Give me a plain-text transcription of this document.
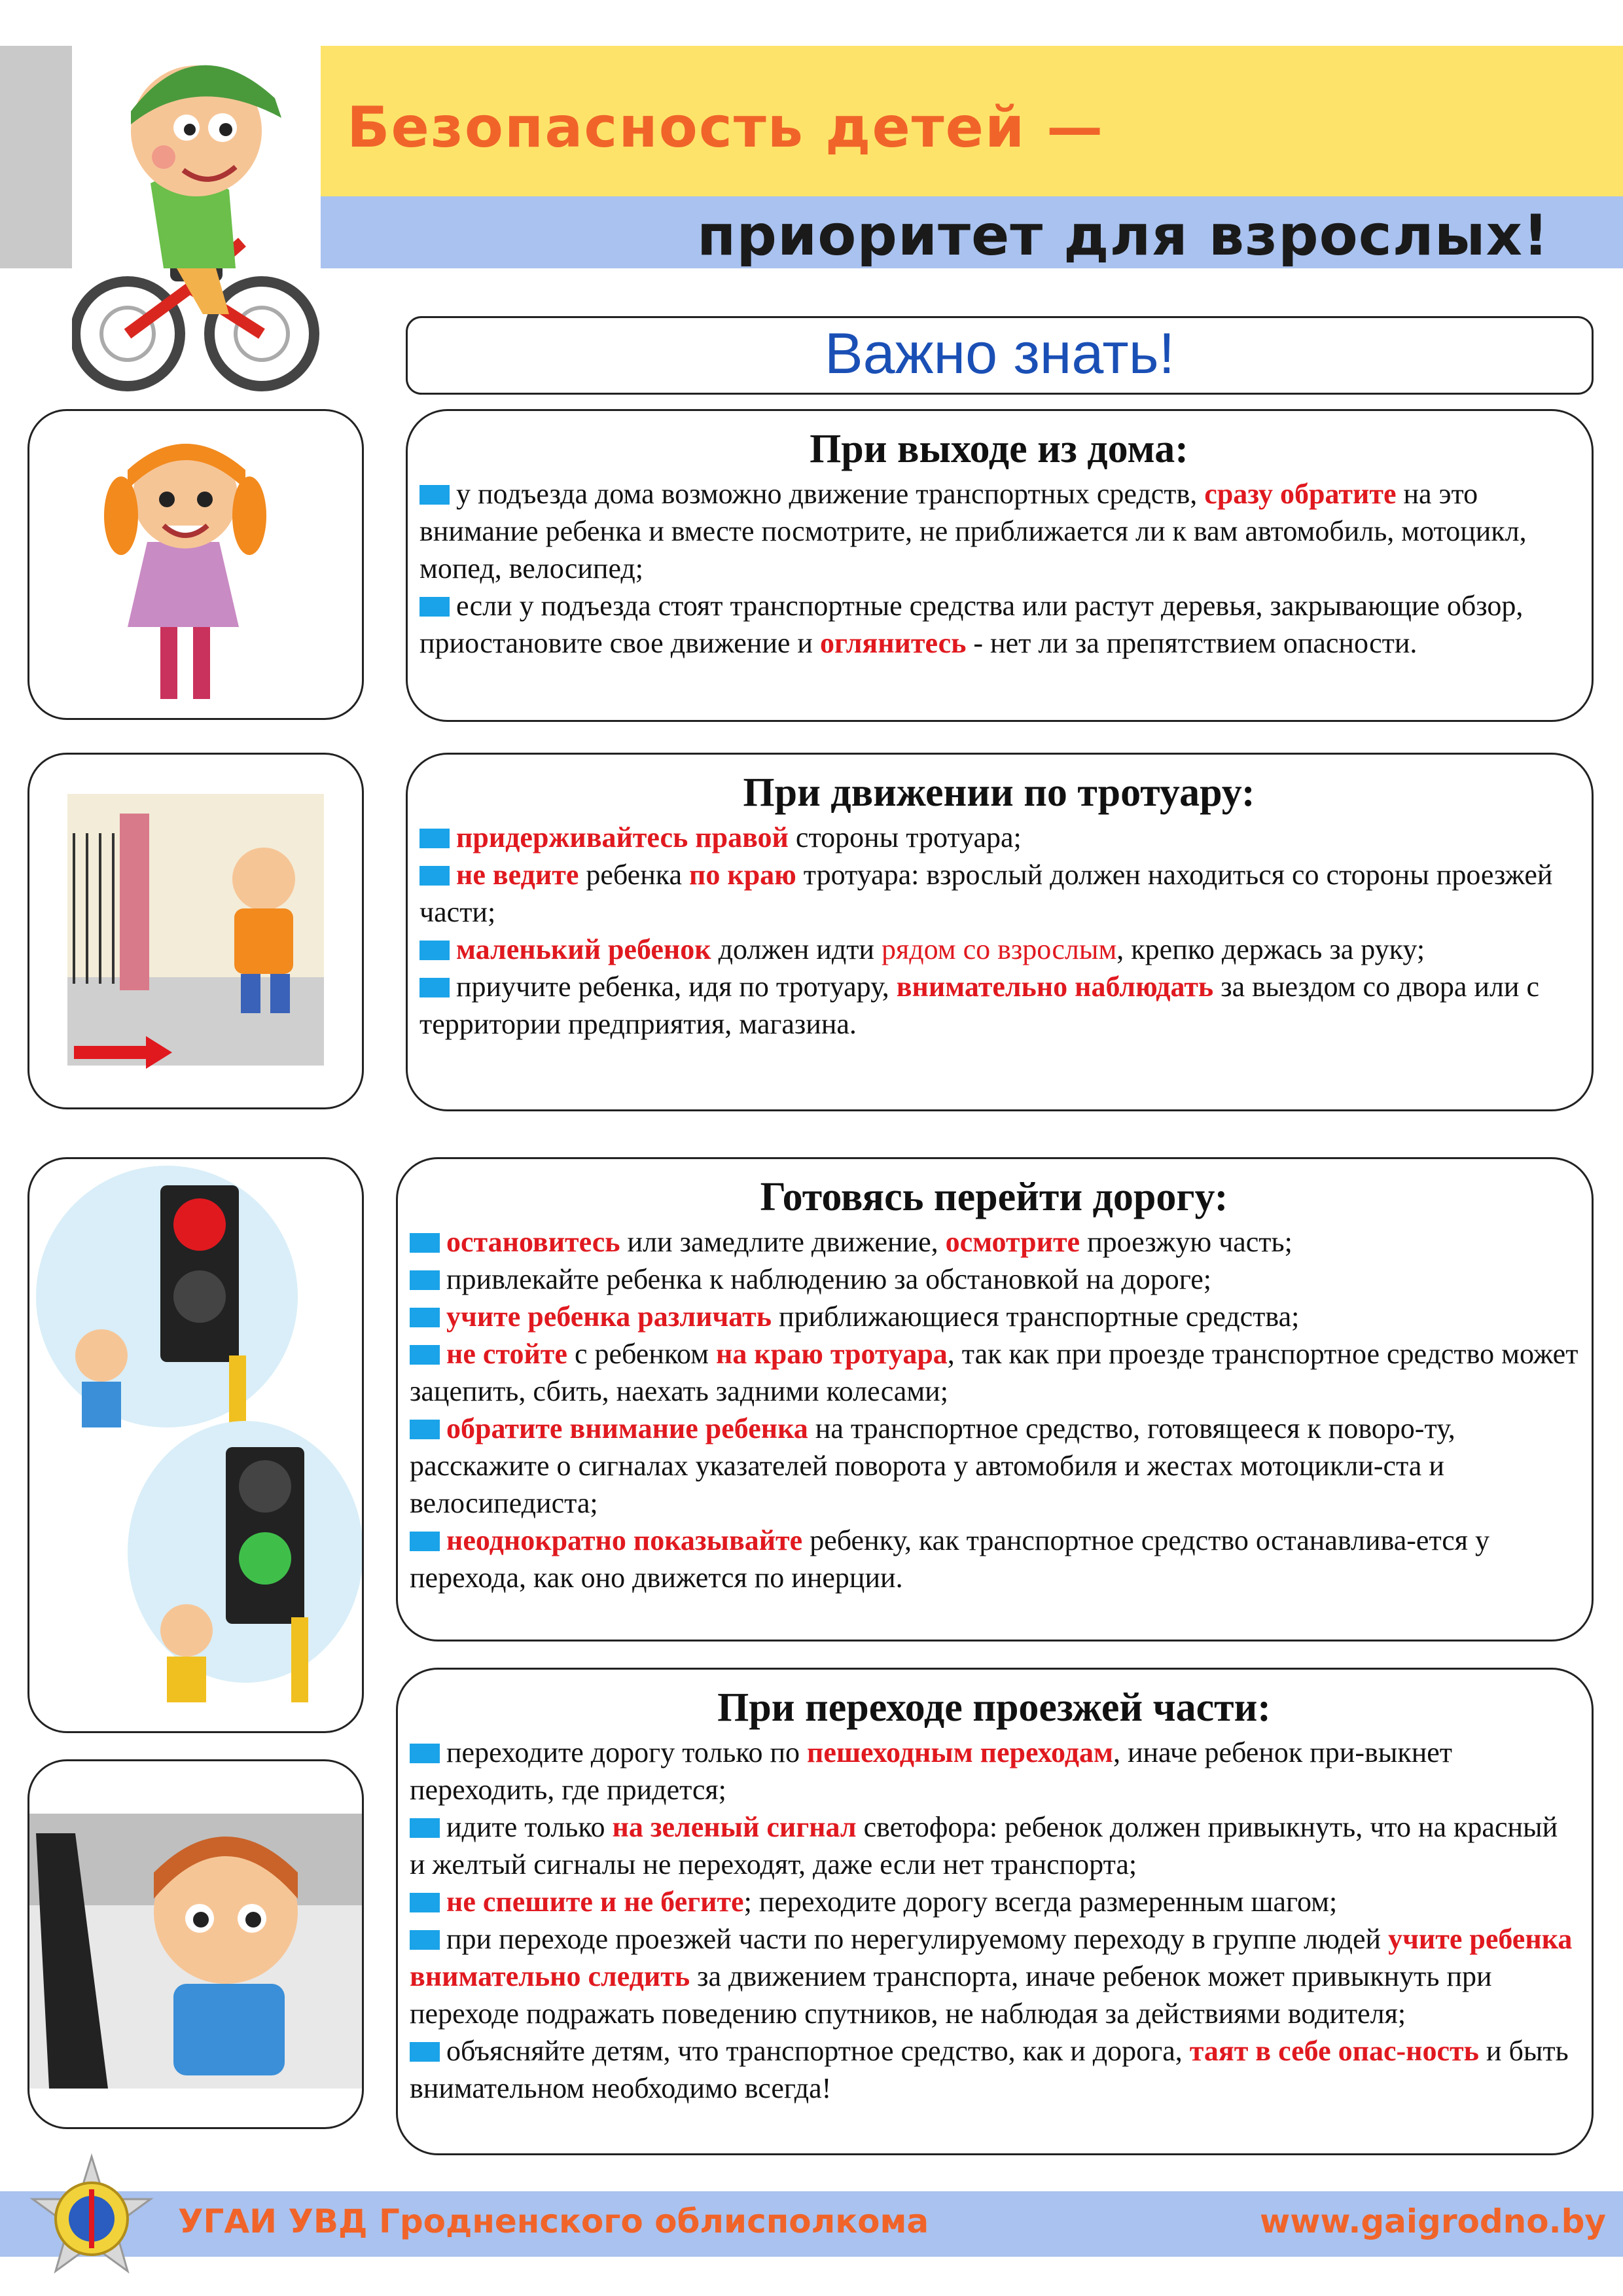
Безопасность детей —
приоритет для взрослых!
Важно знать!
При выходе из дома:
у подъезда дома возможно движение транспортных средств, сразу обратите на это внимание ребенка и вместе посмотрите, не приближается ли к вам автомобиль, мотоцикл, мопед, велосипед;
если у подъезда стоят транспортные средства или растут деревья, закрывающие обзор, приостановите свое движение и оглянитесь - нет ли за препятствием опасности.
При движении по тротуару:
придерживайтесь правой стороны тротуара;
не ведите ребенка по краю тротуара: взрослый должен находиться со стороны проезжей части;
маленький ребенок должен идти рядом со взрослым, крепко держась за руку;
приучите ребенка, идя по тротуару, внимательно наблюдать за выездом со двора или с территории предприятия, магазина.
Готовясь перейти дорогу:
остановитесь или замедлите движение, осмотрите проезжую часть;
привлекайте ребенка к наблюдению за обстановкой на дороге;
учите ребенка различать приближающиеся транспортные средства;
не стойте с ребенком на краю тротуара, так как при проезде транспортное средство может зацепить, сбить, наехать задними колесами;
обратите внимание ребенка на транспортное средство, готовящееся к поворо-ту, расскажите о сигналах указателей поворота у автомобиля и жестах мотоцикли-ста и велосипедиста;
неоднократно показывайте ребенку, как транспортное средство останавлива-ется у перехода, как оно движется по инерции.
При переходе проезжей части:
переходите дорогу только по пешеходным переходам, иначе ребенок при-выкнет переходить, где придется;
идите только на зеленый сигнал светофора: ребенок должен привыкнуть, что на красный и желтый сигналы не переходят, даже если нет транспорта;
не спешите и не бегите; переходите дорогу всегда размеренным шагом;
при переходе проезжей части по нерегулируемому переходу в группе людей учите ребенка внимательно следить за движением транспорта, иначе ребенок может привыкнуть при переходе подражать поведению спутников, не наблюдая за действиями водителя;
объясняйте детям, что транспортное средство, как и дорога, таят в себе опас-ность и быть внимательном необходимо всегда!
УГАИ УВД Гродненского облисполкома	www.gaigrodno.by
